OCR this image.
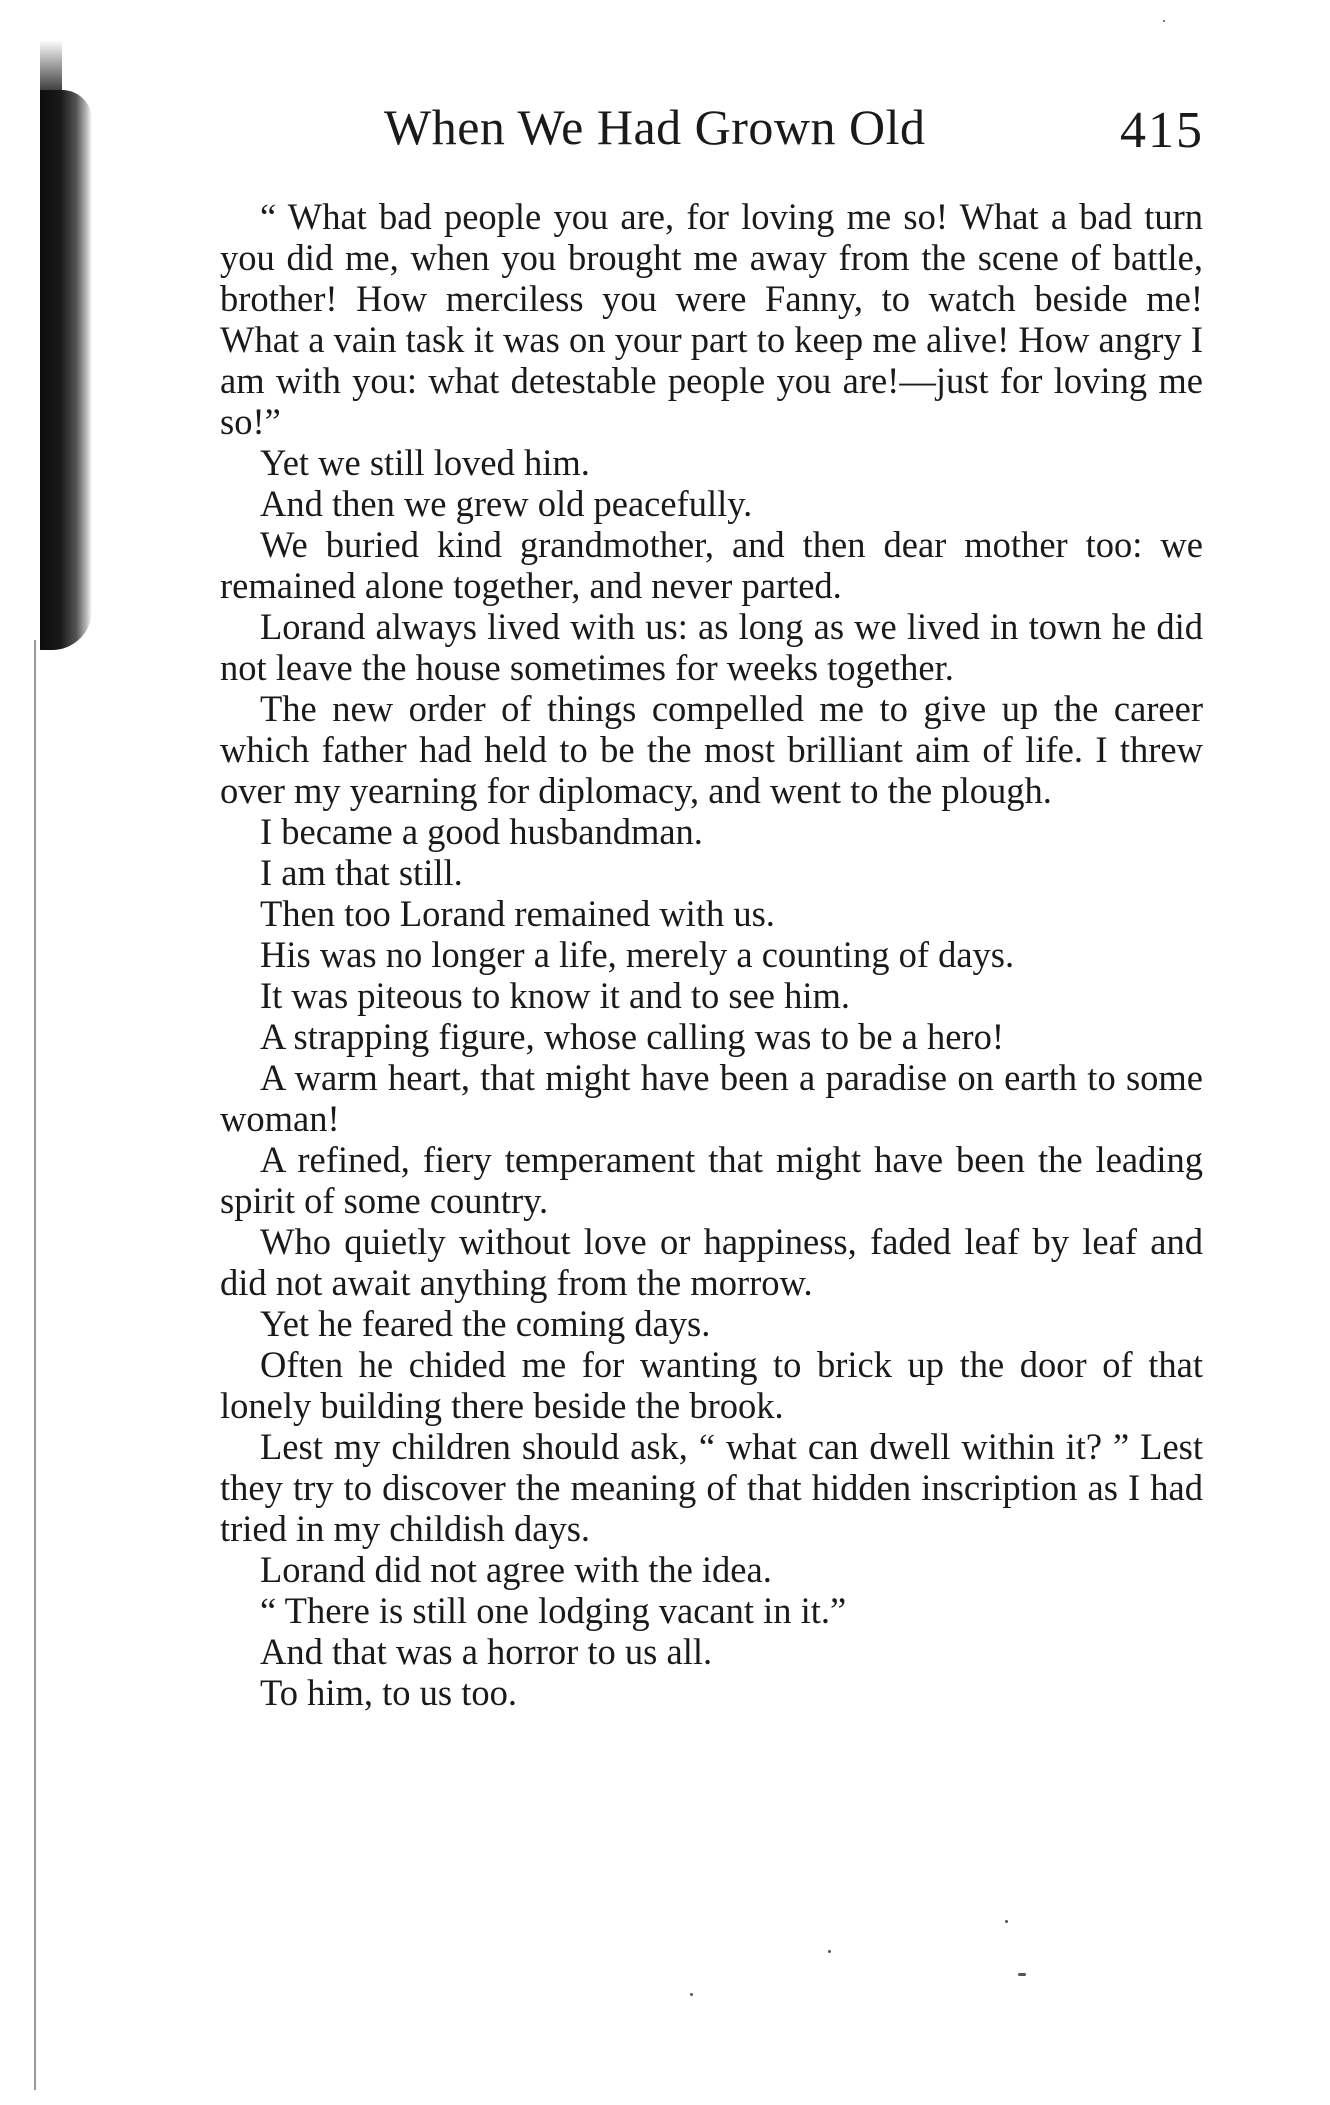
When We Had Grown Old	415

“ What bad people you are, for loving me so! What a bad turn you did me, when you brought me away from the scene of battle, brother! How merciless you were Fanny, to watch beside me! What a vain task it was on your part to keep me alive! How angry I am with you: what detestable people you are!—just for loving me so!”

Yet we still loved him.

And then we grew old peacefully.

We buried kind grandmother, and then dear mother too: we remained alone together, and never parted.

Lorand always lived with us: as long as we lived in town he did not leave the house sometimes for weeks together.

The new order of things compelled me to give up the career which father had held to be the most brilliant aim of life. I threw over my yearning for diplomacy, and went to the plough.

I became a good husbandman.

I am that still.

Then too Lorand remained with us.

His was no longer a life, merely a counting of days.

It was piteous to know it and to see him.

A strapping figure, whose calling was to be a hero!

A warm heart, that might have been a paradise on earth to some woman!

A refined, fiery temperament that might have been the leading spirit of some country.

Who quietly without love or happiness, faded leaf by leaf and did not await anything from the morrow.

Yet he feared the coming days.

Often he chided me for wanting to brick up the door of that lonely building there beside the brook.

Lest my children should ask, “ what can dwell within it? ” Lest they try to discover the meaning of that hidden inscription as I had tried in my childish days.

Lorand did not agree with the idea.

“ There is still one lodging vacant in it.”

And that was a horror to us all.

To him, to us too.
